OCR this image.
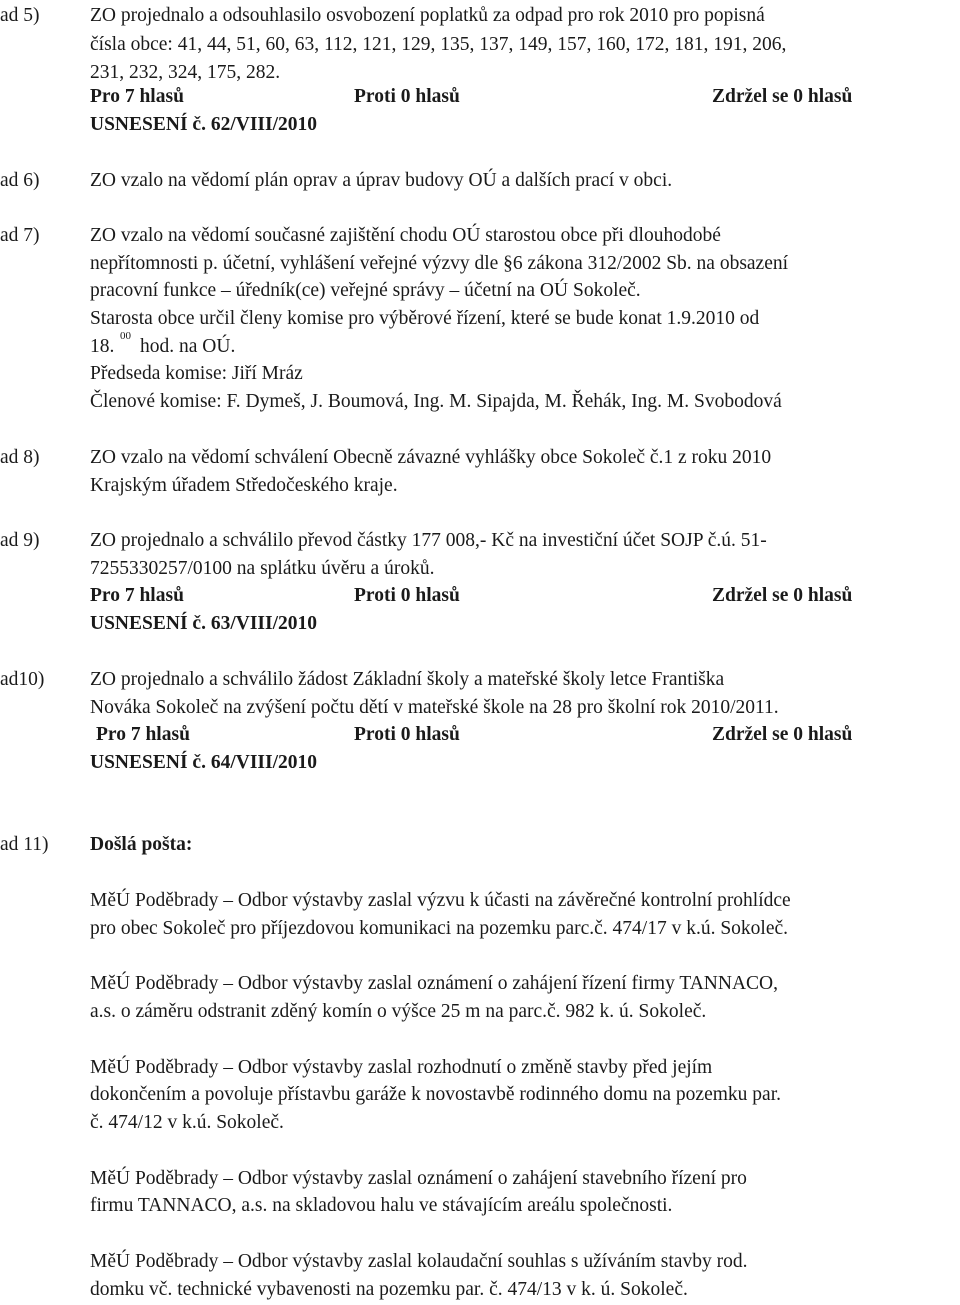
ad 5)	ZO projednalo a odsouhlasilo osvobození poplatků za odpad pro rok 2010 pro popisná
čísla obce: 41, 44, 51, 60, 63, 112, 121, 129, 135, 137, 149, 157, 160, 172, 181, 191, 206,
231, 232, 324, 175, 282.
Pro 7 hlasů	Proti 0 hlasů	Zdržel se 0 hlasů
USNESENÍ č. 62/VIII/2010
ad 6)	ZO vzalo na vědomí plán oprav a úprav budovy OÚ a dalších prací v obci.
ad 7)	ZO vzalo na vědomí současné zajištění chodu OÚ starostou obce při dlouhodobé
nepřítomnosti p. účetní, vyhlášení veřejné výzvy dle §6 zákona 312/2002 Sb. na obsazení
pracovní funkce – úředník(ce) veřejné správy – účetní na OÚ Sokoleč.
Starosta obce určil členy komise pro výběrové řízení, které se bude konat 1.9.2010 od
18. 00 hod. na OÚ.
Předseda komise: Jiří Mráz
Členové komise: F. Dymeš, J. Boumová, Ing. M. Sipajda, M. Řehák, Ing. M. Svobodová
ad 8)	ZO vzalo na vědomí schválení Obecně závazné vyhlášky obce Sokoleč č.1 z roku 2010
Krajským úřadem Středočeského kraje.
ad 9)	ZO projednalo a schválilo převod částky 177 008,- Kč na investiční účet SOJP č.ú. 51-
7255330257/0100 na splátku úvěru a úroků.
Pro 7 hlasů	Proti 0 hlasů	Zdržel se 0 hlasů
USNESENÍ č. 63/VIII/2010
ad10) ZO projednalo a schválilo žádost Základní školy a mateřské školy letce Františka
Nováka Sokoleč na zvýšení počtu dětí v mateřské škole na 28 pro školní rok 2010/2011.
Pro 7 hlasů	Proti 0 hlasů	Zdržel se 0 hlasů
USNESENÍ č. 64/VIII/2010
ad 11) Došlá pošta:
MěÚ Poděbrady – Odbor výstavby zaslal výzvu k účasti na závěrečné kontrolní prohlídce
pro obec Sokoleč pro příjezdovou komunikaci na pozemku parc.č. 474/17 v k.ú. Sokoleč.
MěÚ Poděbrady – Odbor výstavby zaslal oznámení o zahájení řízení firmy TANNACO,
a.s. o záměru odstranit zděný komín o výšce 25 m na parc.č. 982 k. ú. Sokoleč.
MěÚ Poděbrady – Odbor výstavby zaslal rozhodnutí o změně stavby před jejím
dokončením a povoluje přístavbu garáže k novostavbě rodinného domu na pozemku par.
č. 474/12 v k.ú. Sokoleč.
MěÚ Poděbrady – Odbor výstavby zaslal oznámení o zahájení stavebního řízení pro
firmu TANNACO, a.s. na skladovou halu ve stávajícím areálu společnosti.
MěÚ Poděbrady – Odbor výstavby zaslal kolaudační souhlas s užíváním stavby rod.
domku vč. technické vybavenosti na pozemku par. č. 474/13 v k. ú. Sokoleč.
